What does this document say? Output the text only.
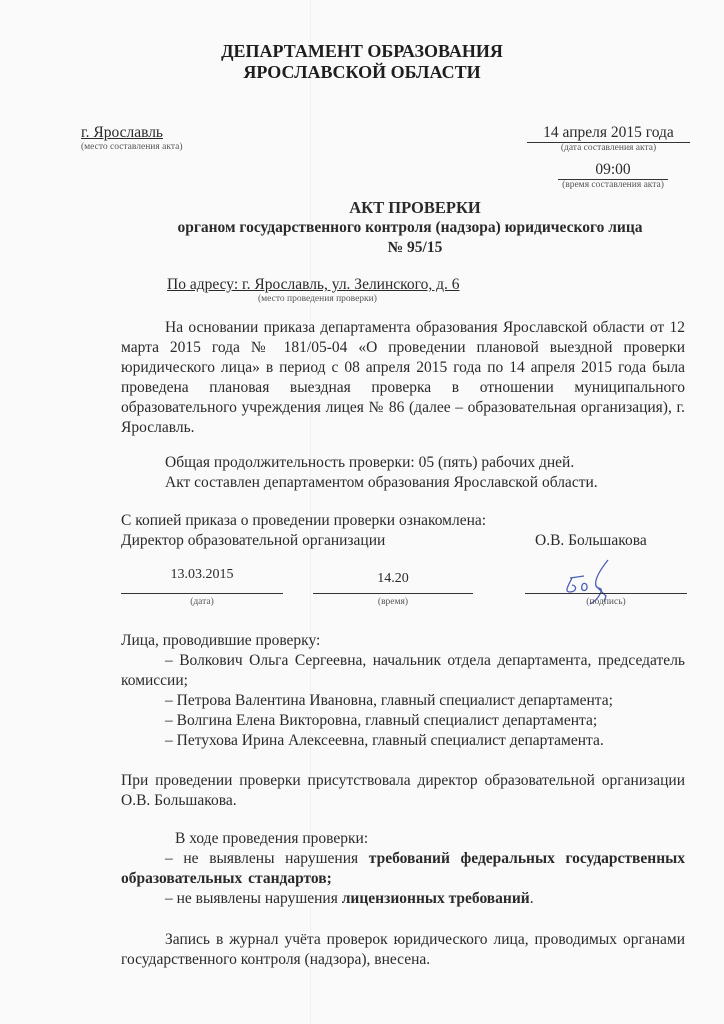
ДЕПАРТАМЕНТ ОБРАЗОВАНИЯ
ЯРОСЛАВСКОЙ ОБЛАСТИ
г. Ярославль
(место составления акта)
14 апреля 2015 года
(дата составления акта)
09:00
(время составления акта)
АКТ ПРОВЕРКИ
органом государственного контроля (надзора) юридического лица
№ 95/15
По адресу: г. Ярославль, ул. Зелинского, д. 6
(место проведения проверки)
На основании приказа департамента образования Ярославской области от 12 марта 2015 года № 181/05-04 «О проведении плановой выездной проверки юридического лица» в период с 08 апреля 2015 года по 14 апреля 2015 года была проведена плановая выездная проверка в отношении муниципального образовательного учреждения лицея № 86 (далее – образовательная организация), г. Ярославль.
Общая продолжительность проверки: 05 (пять) рабочих дней.
Акт составлен департаментом образования Ярославской области.
С копией приказа о проведении проверки ознакомлена:
Директор образовательной организации	О.В. Большакова
13.03.2015
(дата)
14.20
(время)	(подпись)
Лица, проводившие проверку:
– Волкович Ольга Сергеевна, начальник отдела департамента, председатель комиссии;
– Петрова Валентина Ивановна, главный специалист департамента;
– Волгина Елена Викторовна, главный специалист департамента;
– Петухова Ирина Алексеевна, главный специалист департамента.
При проведении проверки присутствовала директор образовательной организации О.В. Большакова.
В ходе проведения проверки:
– не выявлены нарушения требований федеральных государственных образовательных стандартов;
– не выявлены нарушения лицензионных требований.
Запись в журнал учёта проверок юридического лица, проводимых органами государственного контроля (надзора), внесена.
